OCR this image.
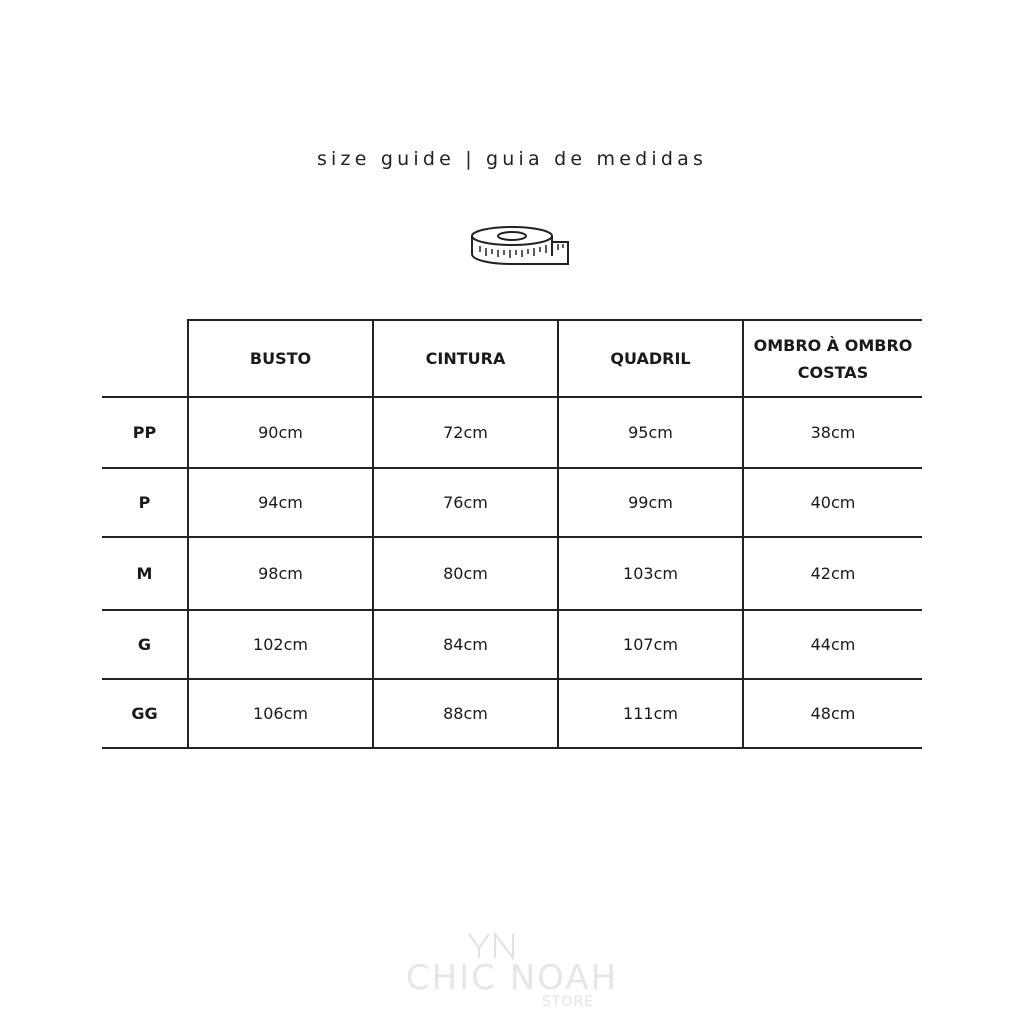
size guide | guia de medidas
	BUSTO	CINTURA	QUADRIL	OMBRO À OMBRO COSTAS
PP	90cm	72cm	95cm	38cm
P	94cm	76cm	99cm	40cm
M	98cm	80cm	103cm	42cm
G	102cm	84cm	107cm	44cm
GG	106cm	88cm	111cm	48cm
CHIC NOAH
STORE
